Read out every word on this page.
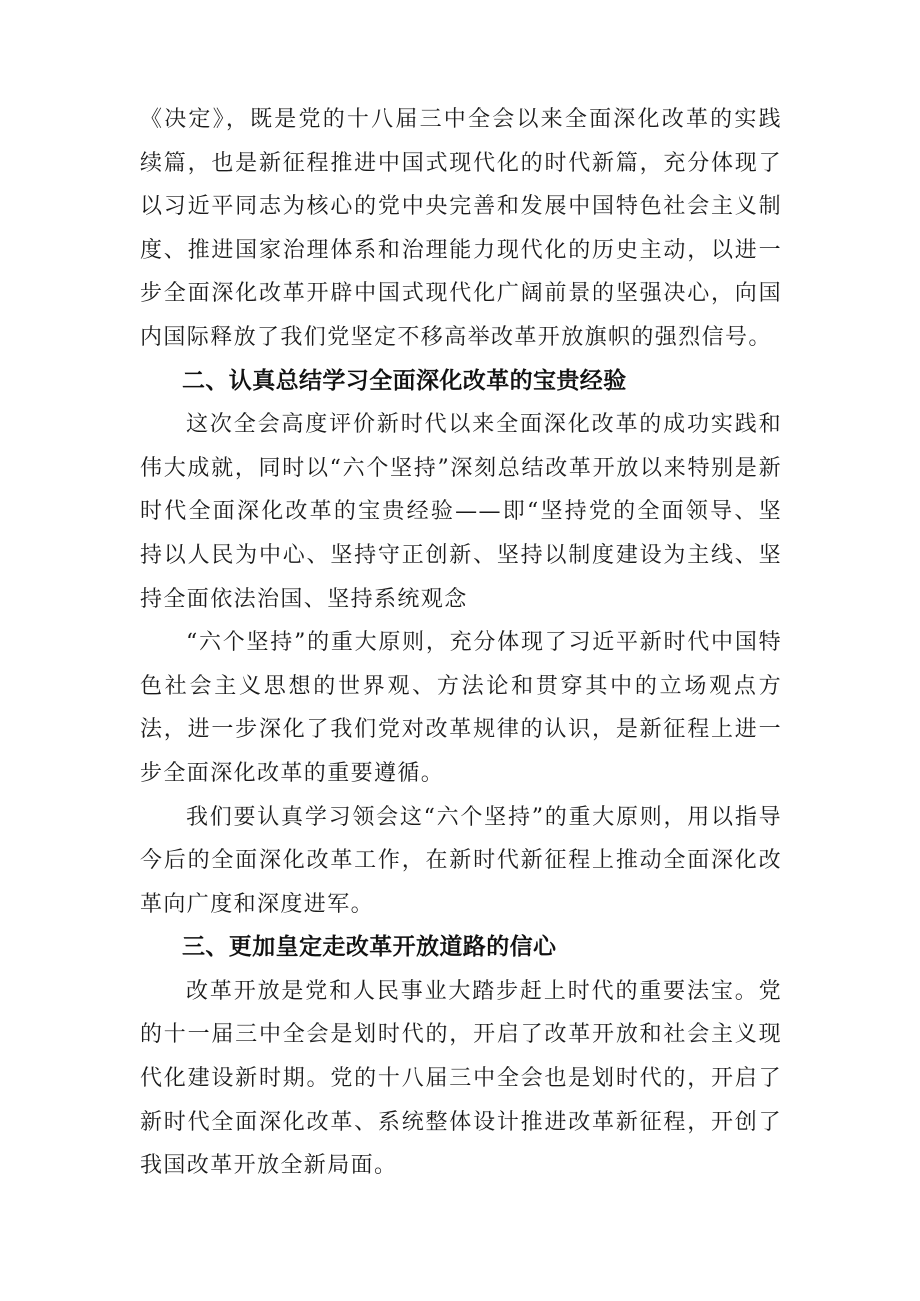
《决定》，既是党的十八届三中全会以来全面深化改革的实践续篇，也是新征程推进中国式现代化的时代新篇，充分体现了以习近平同志为核心的党中央完善和发展中国特色社会主义制度、推进国家治理体系和治理能力现代化的历史主动，以进一步全面深化改革开辟中国式现代化广阔前景的坚强决心，向国内国际释放了我们党坚定不移高举改革开放旗帜的强烈信号。

二、认真总结学习全面深化改革的宝贵经验

这次全会高度评价新时代以来全面深化改革的成功实践和伟大成就，同时以“六个坚持”深刻总结改革开放以来特别是新时代全面深化改革的宝贵经验——即“坚持党的全面领导、坚持以人民为中心、坚持守正创新、坚持以制度建设为主线、坚持全面依法治国、坚持系统观念

“六个坚持”的重大原则，充分体现了习近平新时代中国特色社会主义思想的世界观、方法论和贯穿其中的立场观点方法，进一步深化了我们党对改革规律的认识，是新征程上进一步全面深化改革的重要遵循。

我们要认真学习领会这“六个坚持”的重大原则，用以指导今后的全面深化改革工作，在新时代新征程上推动全面深化改革向广度和深度进军。

三、更加皇定走改革开放道路的信心

改革开放是党和人民事业大踏步赶上时代的重要法宝。党的十一届三中全会是划时代的，开启了改革开放和社会主义现代化建设新时期。党的十八届三中全会也是划时代的，开启了新时代全面深化改革、系统整体设计推进改革新征程，开创了我国改革开放全新局面。
